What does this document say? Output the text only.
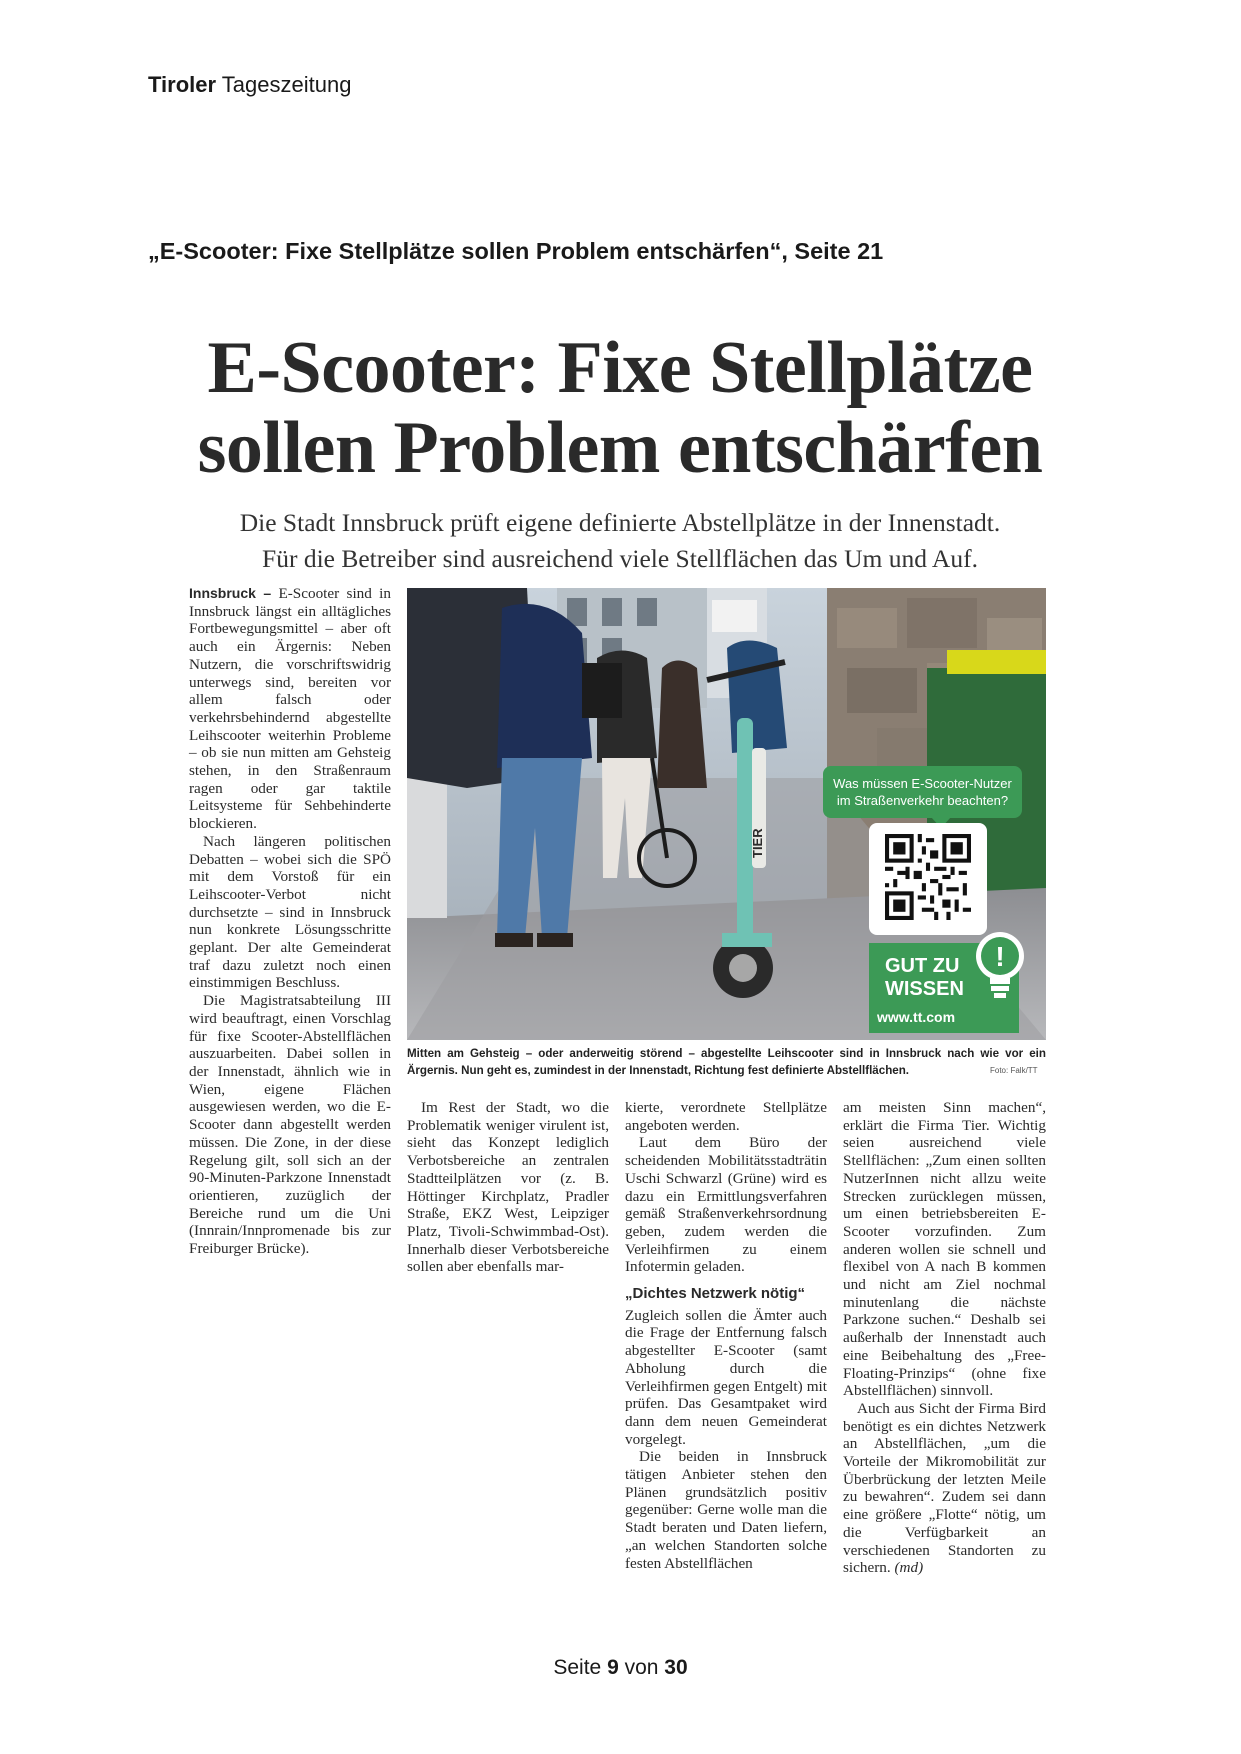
Tiroler Tageszeitung
„E-Scooter: Fixe Stellplätze sollen Problem entschärfen“, Seite 21
E-Scooter: Fixe Stellplätze
sollen Problem entschärfen
Die Stadt Innsbruck prüft eigene definierte Abstellplätze in der Innenstadt.
Für die Betreiber sind ausreichend viele Stellflächen das Um und Auf.

Innsbruck – E-Scooter sind in Innsbruck längst ein alltägliches Fortbewegungsmittel – aber oft auch ein Ärgernis: Neben Nutzern, die vorschriftswidrig unterwegs sind, bereiten vor allem falsch oder verkehrsbehindernd abgestellte Leihscooter weiterhin Probleme – ob sie nun mitten am Gehsteig stehen, in den Straßenraum ragen oder gar taktile Leitsysteme für Sehbehinderte blockieren.

Nach längeren politischen Debatten – wobei sich die SPÖ mit dem Vorstoß für ein Leihscooter-Verbot nicht durchsetzte – sind in Innsbruck nun konkrete Lösungsschritte geplant. Der alte Gemeinderat traf dazu zuletzt noch einen einstimmigen Beschluss.

Die Magistratsabteilung III wird beauftragt, einen Vorschlag für fixe Scooter-Abstellflächen auszuarbeiten. Dabei sollen in der Innenstadt, ähnlich wie in Wien, eigene Flächen ausgewiesen werden, wo die E-Scooter dann abgestellt werden müssen. Die Zone, in der diese Regelung gilt, soll sich an der 90-Minuten-Parkzone Innenstadt orientieren, zuzüglich der Bereiche rund um die Uni (Innrain/Innpromenade bis zur Freiburger Brücke).

TIER
Was müssen E-Scooter-Nutzer
im Straßenverkehr beachten?
GUT ZU
WISSEN
www.tt.com
!
Mitten am Gehsteig – oder anderweitig störend – abgestellte Leihscooter sind in Innsbruck nach wie vor ein Ärgernis. Nun geht es, zumindest in der Innenstadt, Richtung fest definierte Abstellflächen.	Foto: Falk/TT

Im Rest der Stadt, wo die Problematik weniger virulent ist, sieht das Konzept lediglich Verbotsbereiche an zentralen Stadtteilplätzen vor (z. B. Höttinger Kirchplatz, Pradler Straße, EKZ West, Leipziger Platz, Tivoli-Schwimmbad-Ost). Innerhalb dieser Verbotsbereiche sollen aber ebenfalls mar-

kierte, verordnete Stellplätze angeboten werden.

Laut dem Büro der scheidenden Mobilitätsstadträtin Uschi Schwarzl (Grüne) wird es dazu ein Ermittlungsverfahren gemäß Straßenverkehrsordnung geben, zudem werden die Verleihfirmen zu einem Infotermin geladen.

„Dichtes Netzwerk nötig“

Zugleich sollen die Ämter auch die Frage der Entfernung falsch abgestellter E-Scooter (samt Abholung durch die Verleihfirmen gegen Entgelt) mit prüfen. Das Gesamtpaket wird dann dem neuen Gemeinderat vorgelegt.

Die beiden in Innsbruck tätigen Anbieter stehen den Plänen grundsätzlich positiv gegenüber: Gerne wolle man die Stadt beraten und Daten liefern, „an welchen Standorten solche festen Abstellflächen

am meisten Sinn machen“, erklärt die Firma Tier. Wichtig seien ausreichend viele Stellflächen: „Zum einen sollten NutzerInnen nicht allzu weite Strecken zurücklegen müssen, um einen betriebsbereiten E-Scooter vorzufinden. Zum anderen wollen sie schnell und flexibel von A nach B kommen und nicht am Ziel nochmal minutenlang die nächste Parkzone suchen.“ Deshalb sei außerhalb der Innenstadt auch eine Beibehaltung des „Free-Floating-Prinzips“ (ohne fixe Abstellflächen) sinnvoll.

Auch aus Sicht der Firma Bird benötigt es ein dichtes Netzwerk an Abstellflächen, „um die Vorteile der Mikromobilität zur Überbrückung der letzten Meile zu bewahren“. Zudem sei dann eine größere „Flotte“ nötig, um die Verfügbarkeit an verschiedenen Standorten zu sichern. (md)

Seite 9 von 30
